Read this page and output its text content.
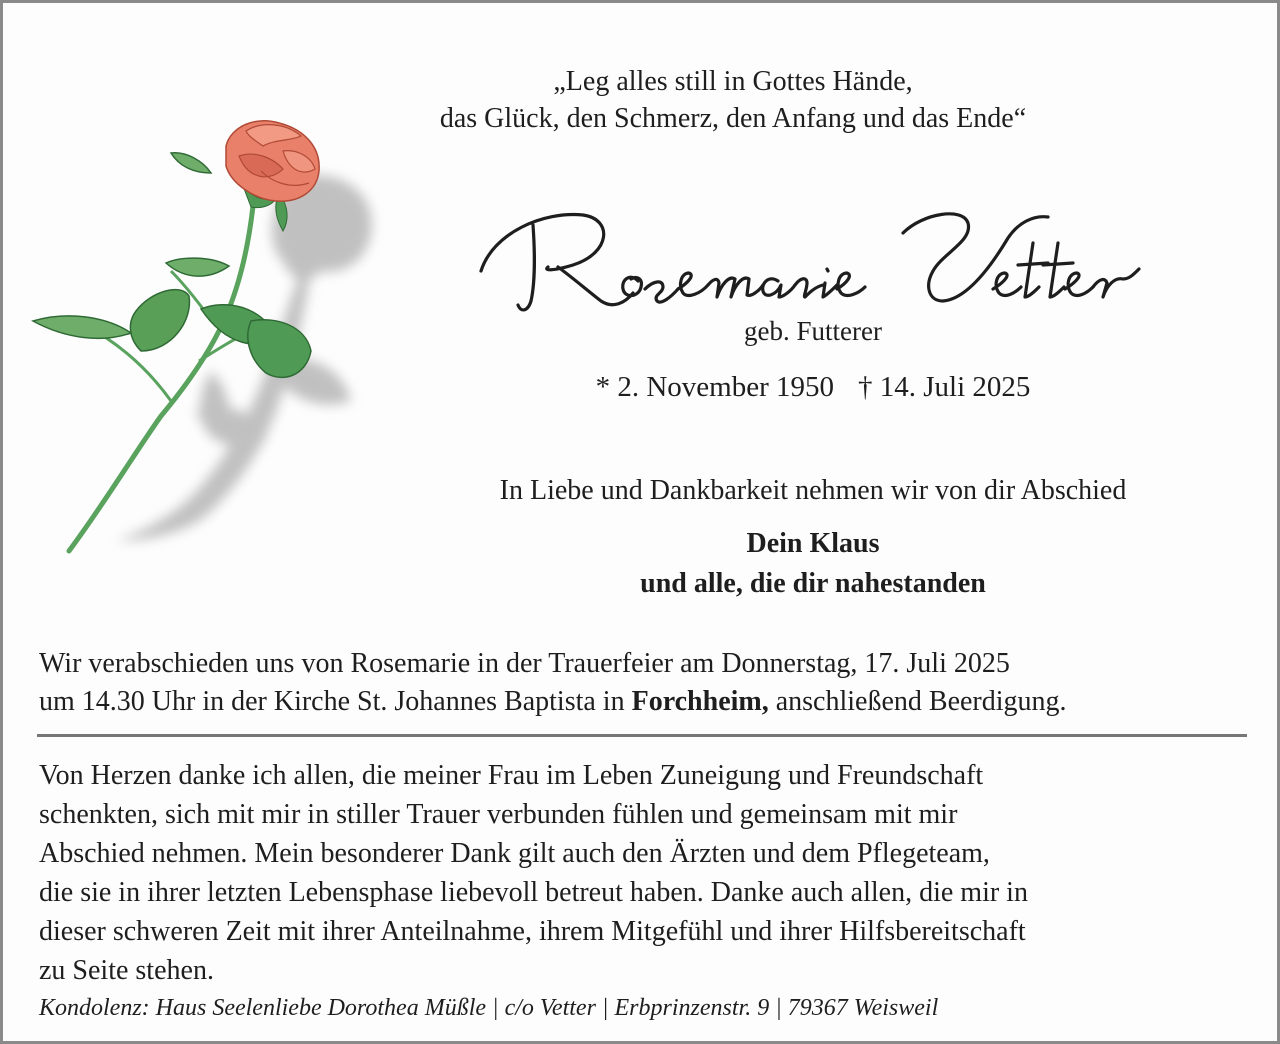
„Leg alles still in Gottes Hände,
das Glück, den Schmerz, den Anfang und das Ende“
geb. Futterer
* 2. November 1950 † 14. Juli 2025
In Liebe und Dankbarkeit nehmen wir von dir Abschied
Dein Klaus
und alle, die dir nahestanden
Wir verabschieden uns von Rosemarie in der Trauerfeier am Donnerstag, 17. Juli 2025
um 14.30 Uhr in der Kirche St. Johannes Baptista in Forchheim, anschließend Beerdigung.
Von Herzen danke ich allen, die meiner Frau im Leben Zuneigung und Freundschaft
schenkten, sich mit mir in stiller Trauer verbunden fühlen und gemeinsam mit mir
Abschied nehmen. Mein besonderer Dank gilt auch den Ärzten und dem Pflegeteam,
die sie in ihrer letzten Lebensphase liebevoll betreut haben. Danke auch allen, die mir in
dieser schweren Zeit mit ihrer Anteilnahme, ihrem Mitgefühl und ihrer Hilfsbereitschaft
zu Seite stehen.
Kondolenz: Haus Seelenliebe Dorothea Müßle | c/o Vetter | Erbprinzenstr. 9 | 79367 Weisweil
